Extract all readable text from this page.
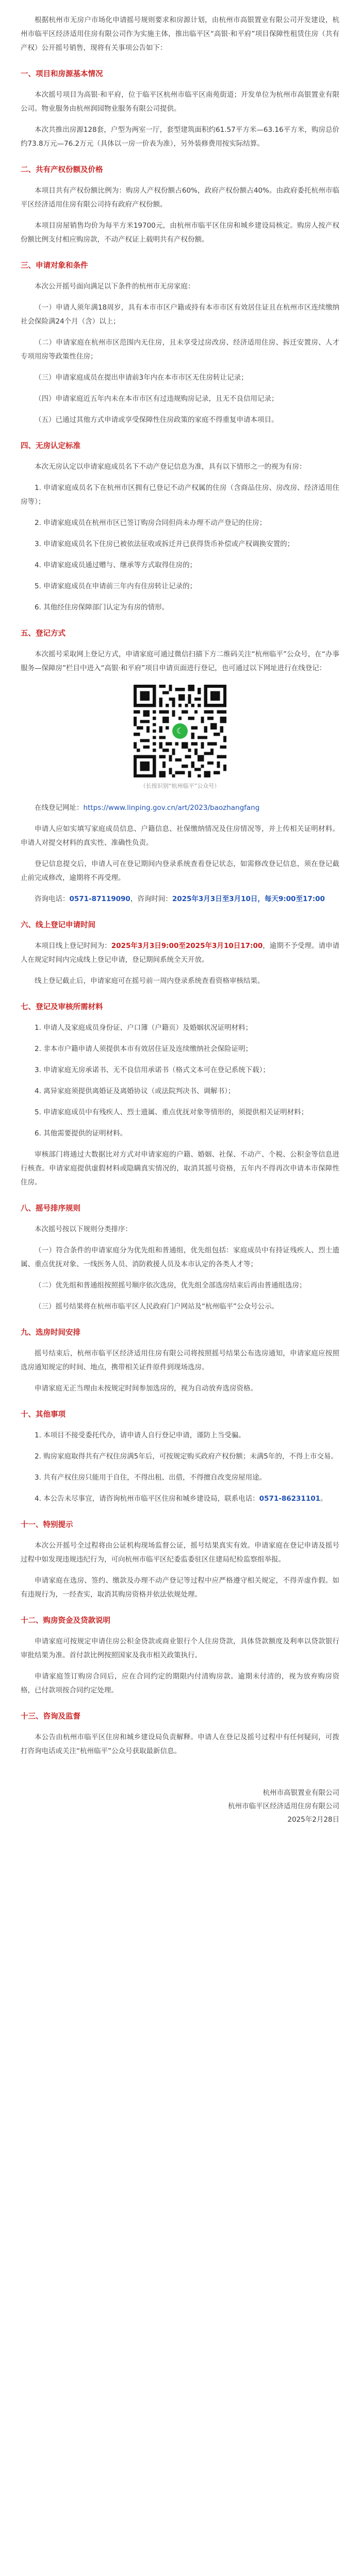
根据杭州市无房户市场化申请摇号规则要求和房源计划，由杭州市高银置业有限公司开发建设，杭州市临平区经济适用住房有限公司作为实施主体，推出临平区“高银·和平府”项目保障性租赁住房（共有产权）公开摇号销售，现将有关事项公告如下：

一、项目和房源基本情况

本次摇号项目为高银·和平府，位于临平区杭州市临平区南苑街道；开发单位为杭州市高银置业有限公司。物业服务由杭州润园物业服务有限公司提供。

本次共推出房源128套，户型为两室一厅，套型建筑面积约61.57平方米—63.16平方米，购房总价约73.8万元—76.2万元（具体以一房一价表为准），另外装修费用按实际结算。

二、共有产权份额及价格

本项目共有产权份额比例为：购房人产权份额占60%，政府产权份额占40%。由政府委托杭州市临平区经济适用住房有限公司持有政府产权份额。

本项目房屋销售均价为每平方米19700元，由杭州市临平区住房和城乡建设局核定。购房人按产权份额比例支付相应购房款，不动产权证上载明共有产权份额。

三、申请对象和条件

本次公开摇号面向满足以下条件的杭州市无房家庭：

（一）申请人须年满18周岁，具有本市市区户籍或持有本市市区有效居住证且在杭州市区连续缴纳社会保险满24个月（含）以上；

（二）申请家庭在杭州市区范围内无住房，且未享受过房改房、经济适用住房、拆迁安置房、人才专项用房等政策性住房；

（三）申请家庭成员在提出申请前3年内在本市市区无住房转让记录；

（四）申请家庭近五年内未在本市市区有过违规购房记录，且无不良信用记录；

（五）已通过其他方式申请或享受保障性住房政策的家庭不得重复申请本项目。

四、无房认定标准

本次无房认定以申请家庭成员名下不动产登记信息为准，具有以下情形之一的视为有房：

1. 申请家庭成员名下在杭州市区拥有已登记不动产权属的住房（含商品住房、房改房、经济适用住房等）；

2. 申请家庭成员在杭州市区已签订购房合同但尚未办理不动产登记的住房；

3. 申请家庭成员名下住房已被依法征收或拆迁并已获得货币补偿或产权调换安置的；

4. 申请家庭成员通过赠与、继承等方式取得住房的；

5. 申请家庭成员在申请前三年内有住房转让记录的；

6. 其他经住房保障部门认定为有房的情形。

五、登记方式

本次摇号采取网上登记方式，申请家庭可通过微信扫描下方二维码关注“杭州临平”公众号，在“办事服务—保障房”栏目中进入“高银·和平府”项目申请页面进行登记，也可通过以下网址进行在线登记：

☾
（长按识别“杭州临平”公众号）

在线登记网址：https://www.linping.gov.cn/art/2023/baozhangfang

申请人应如实填写家庭成员信息、户籍信息、社保缴纳情况及住房情况等，并上传相关证明材料。申请人对提交材料的真实性、准确性负责。

登记信息提交后，申请人可在登记期间内登录系统查看登记状态，如需修改登记信息，须在登记截止前完成修改，逾期将不再受理。

咨询电话：0571-87119090，咨询时间：2025年3月3日至3月10日，每天9:00至17:00

六、线上登记申请时间

本项目线上登记时间为：2025年3月3日9:00至2025年3月10日17:00，逾期不予受理。请申请人在规定时间内完成线上登记申请，登记期间系统全天开放。

线上登记截止后，申请家庭可在摇号前一周内登录系统查看资格审核结果。

七、登记及审核所需材料

1. 申请人及家庭成员身份证、户口簿（户籍页）及婚姻状况证明材料；

2. 非本市户籍申请人须提供本市有效居住证及连续缴纳社会保险证明；

3. 申请家庭无房承诺书、无不良信用承诺书（格式文本可在登记系统下载）；

4. 离异家庭须提供离婚证及离婚协议（或法院判决书、调解书）；

5. 申请家庭成员中有残疾人、烈士遗属、重点优抚对象等情形的，须提供相关证明材料；

6. 其他需要提供的证明材料。

审核部门将通过大数据比对方式对申请家庭的户籍、婚姻、社保、不动产、个税、公积金等信息进行核查。申请家庭提供虚假材料或隐瞒真实情况的，取消其摇号资格，五年内不得再次申请本市保障性住房。

八、摇号排序规则

本次摇号按以下规则分类排序：

（一）符合条件的申请家庭分为优先组和普通组，优先组包括：家庭成员中有持证残疾人、烈士遗属、重点优抚对象、一线医务人员、消防救援人员及本市认定的各类人才等；

（二）优先组和普通组按照摇号顺序依次选房，优先组全部选房结束后再由普通组选房；

（三）摇号结果将在杭州市临平区人民政府门户网站及“杭州临平”公众号公示。

九、选房时间安排

摇号结束后，杭州市临平区经济适用住房有限公司将按照摇号结果公布选房通知，申请家庭应按照选房通知规定的时间、地点，携带相关证件原件到现场选房。

申请家庭无正当理由未按规定时间参加选房的，视为自动放弃选房资格。

十、其他事项

1. 本项目不接受委托代办，请申请人自行登记申请，谨防上当受骗。

2. 购房家庭取得共有产权住房满5年后，可按规定购买政府产权份额；未满5年的，不得上市交易。

3. 共有产权住房只能用于自住，不得出租、出借，不得擅自改变房屋用途。

4. 本公告未尽事宜，请咨询杭州市临平区住房和城乡建设局，联系电话：0571-86231101。

十一、特别提示

本次公开摇号全过程将由公证机构现场监督公证，摇号结果真实有效。申请家庭在登记申请及摇号过程中如发现违规违纪行为，可向杭州市临平区纪委监委驻区住建局纪检监察组举报。

申请家庭在选房、签约、缴款及办理不动产登记等过程中应严格遵守相关规定，不得弄虚作假。如有违规行为，一经查实，取消其购房资格并依法依规处理。

十二、购房资金及贷款说明

申请家庭可按规定申请住房公积金贷款或商业银行个人住房贷款，具体贷款额度及利率以贷款银行审批结果为准。首付款比例按照国家及我市相关政策执行。

申请家庭签订购房合同后，应在合同约定的期限内付清购房款。逾期未付清的，视为放弃购房资格，已付款项按合同约定处理。

十三、咨询及监督

本公告由杭州市临平区住房和城乡建设局负责解释。申请人在登记及摇号过程中有任何疑问，可拨打咨询电话或关注“杭州临平”公众号获取最新信息。

杭州市高银置业有限公司

杭州市临平区经济适用住房有限公司

2025年2月28日
